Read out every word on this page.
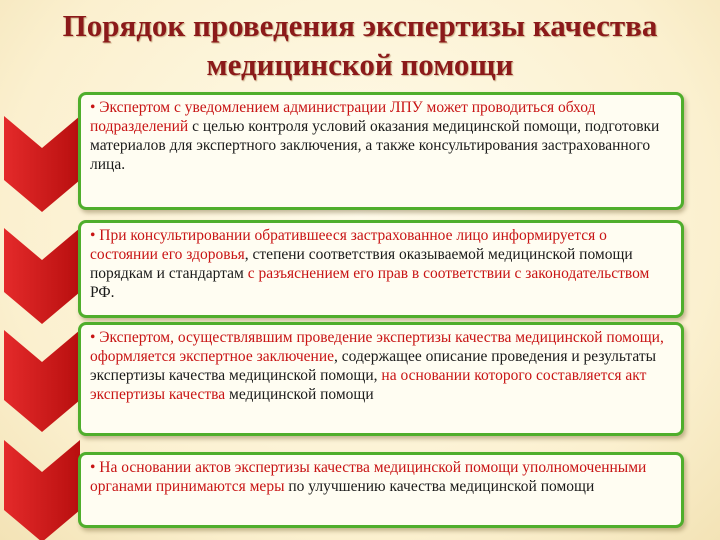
Порядок проведения экспертизы качества
медицинской помощи

• Экспертом с уведомлением администрации ЛПУ может проводиться обход подразделений с целью контроля условий оказания медицинской помощи, подготовки материалов для экспертного заключения, а также консультирования застрахованного лица.

• При консультировании обратившееся застрахованное лицо информируется о состоянии его здоровья, степени соответствия оказываемой медицинской помощи порядкам и стандартам с разъяснением его прав в соответствии с законодательством РФ.

• Экспертом, осуществлявшим проведение экспертизы качества медицинской помощи, оформляется экспертное заключение, содержащее описание проведения и результаты экспертизы качества медицинской помощи, на основании которого составляется акт экспертизы качества медицинской помощи

• На основании актов экспертизы качества медицинской помощи уполномоченными органами принимаются меры по улучшению качества медицинской помощи
